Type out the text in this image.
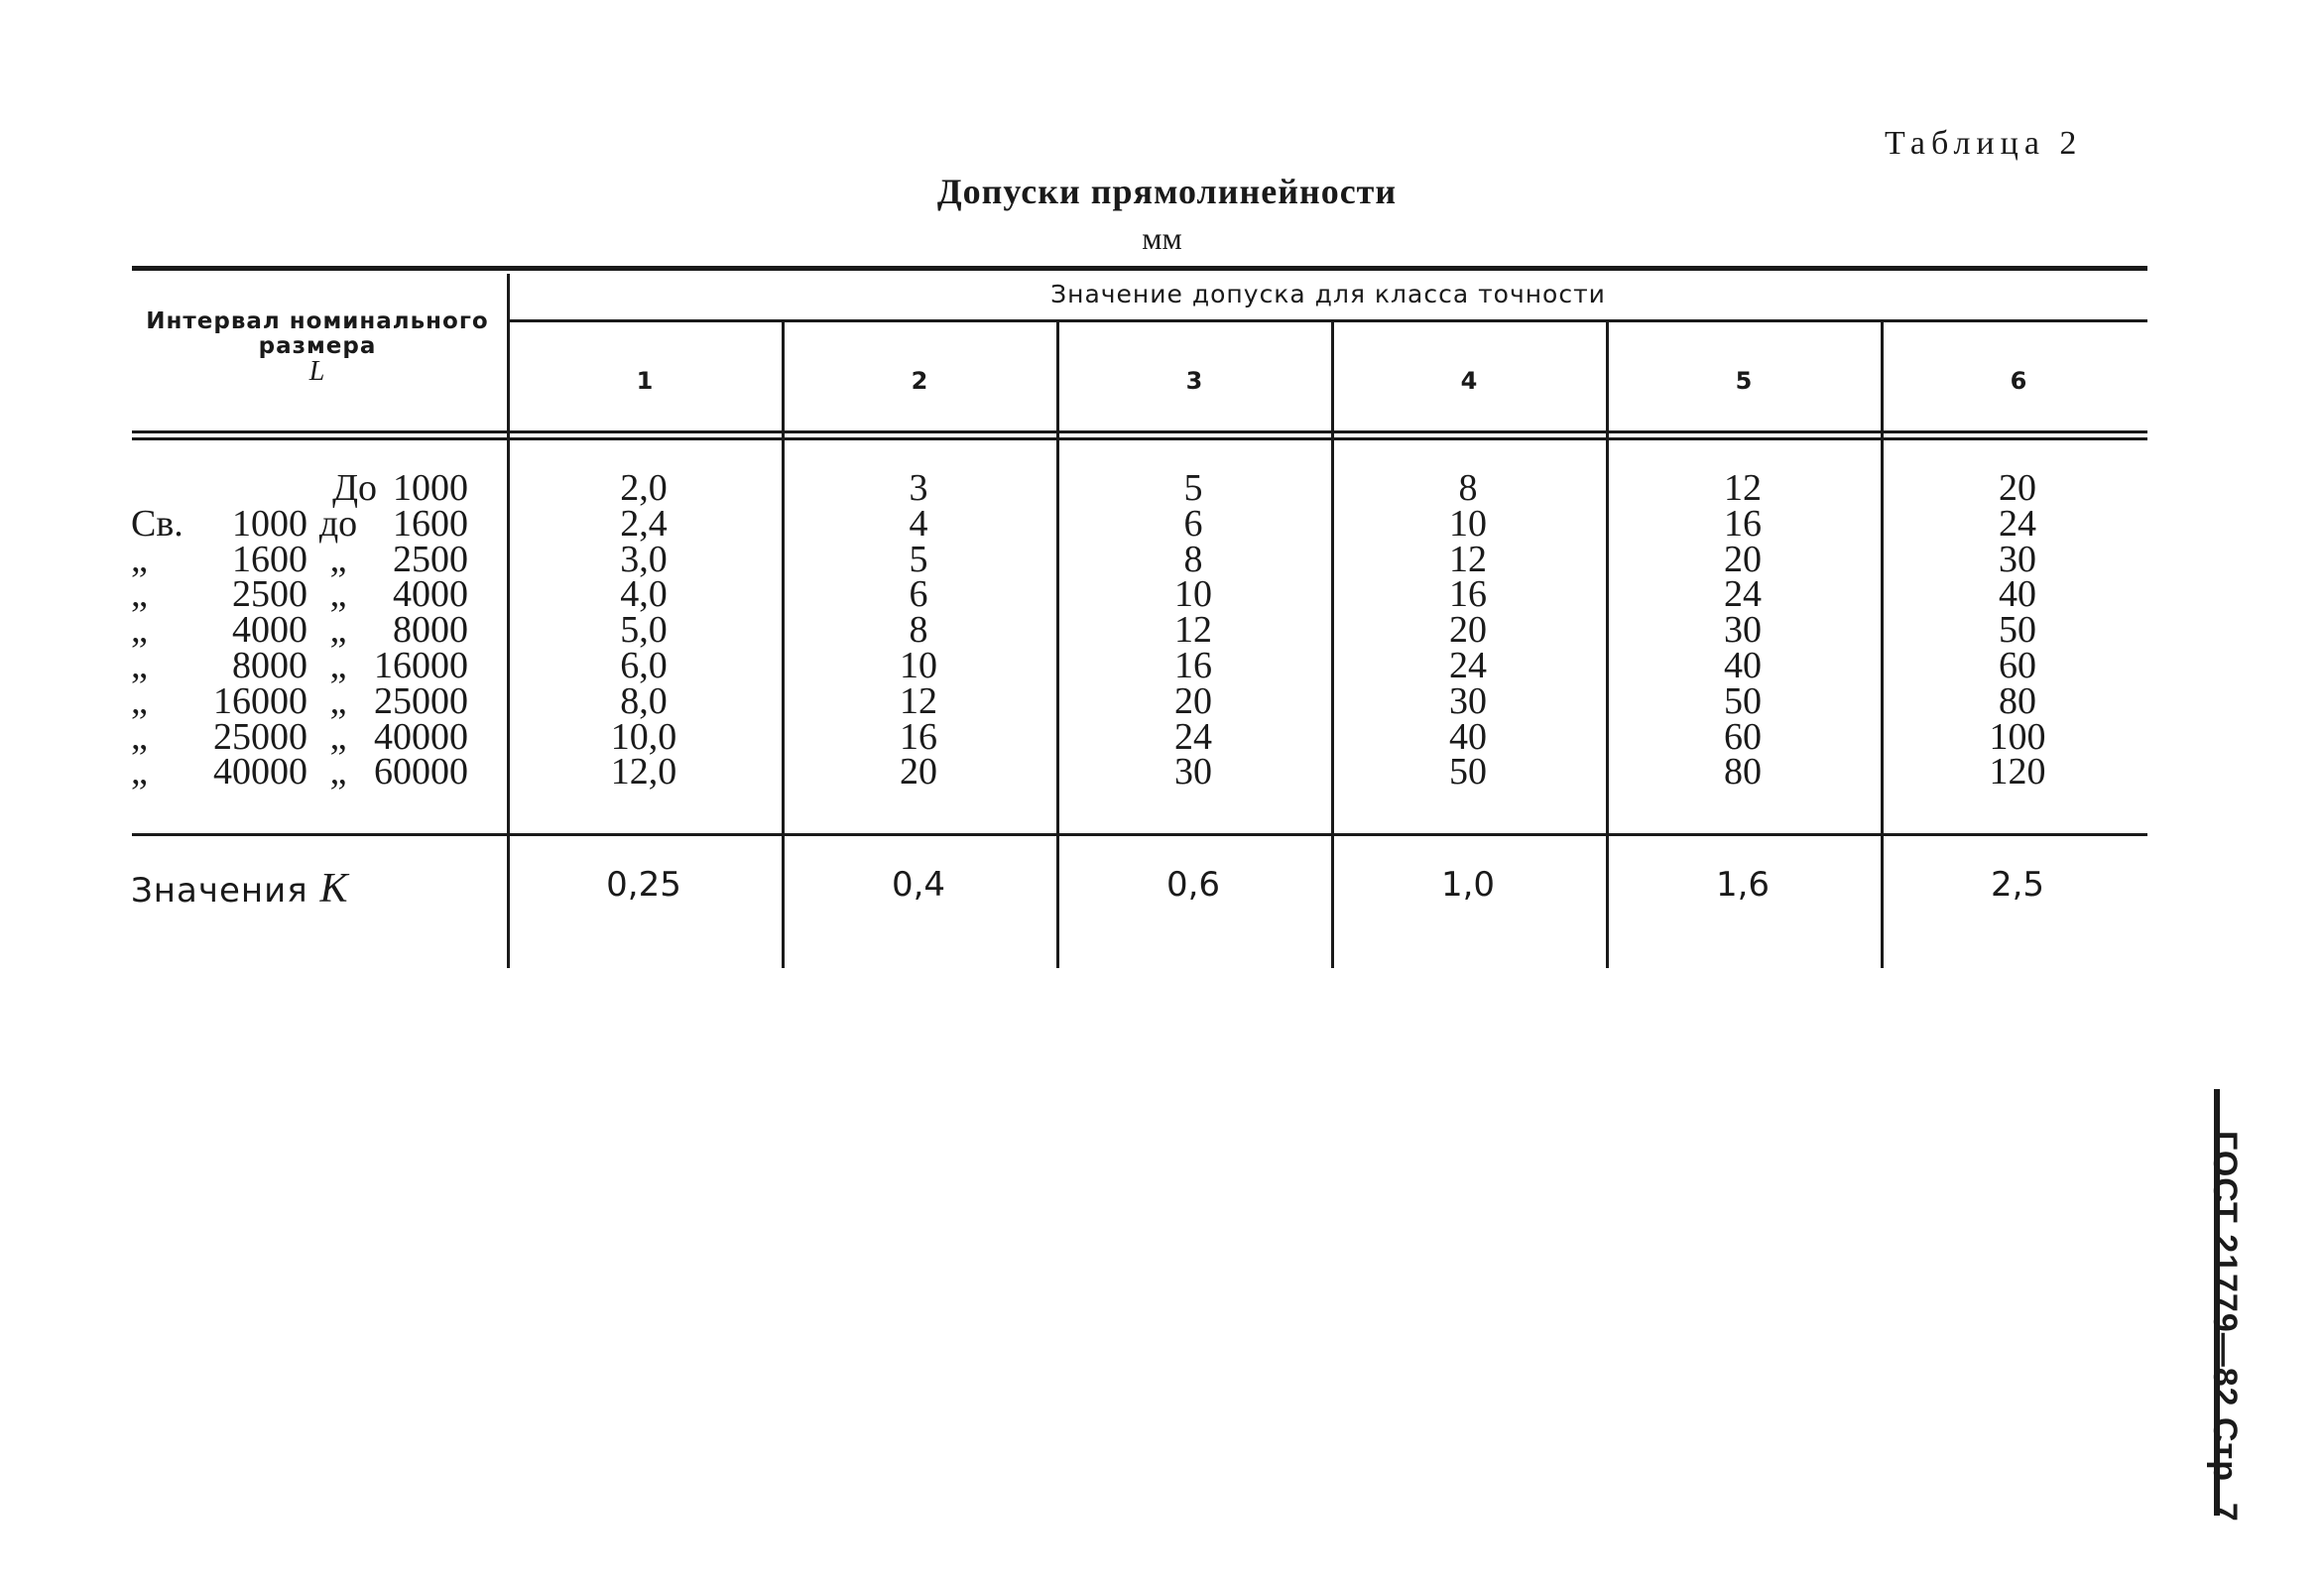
Таблица 2
Допуски прямолинейности
мм
Интервал номинального
размера
L
Значение допуска для класса точности
1	2	3	4	5	6
До 1000	2,0	3	5	8	12	20
Св.	1000 до 1600	2,4	4	6	10	16	24
„	1600 „	2500	3,0	5	8	12	20	30
„	2500 „	4000	4,0	6	10	16	24	40
„	4000 „	8000	5,0	8	12	20	30	50
„	8000 „ 16000	6,0	10	16	24	40	60
„	16000 „ 25000	8,0	12	20	30	50	80
„	25000 „ 40000	10,0	16	24	40	60	100
„	40000 „ 60000	12,0	20	30	50	80	120
Значения K	0,25	0,4	0,6	1,0	1,6	2,5
ГОСТ 21779—82 Стр. 7
